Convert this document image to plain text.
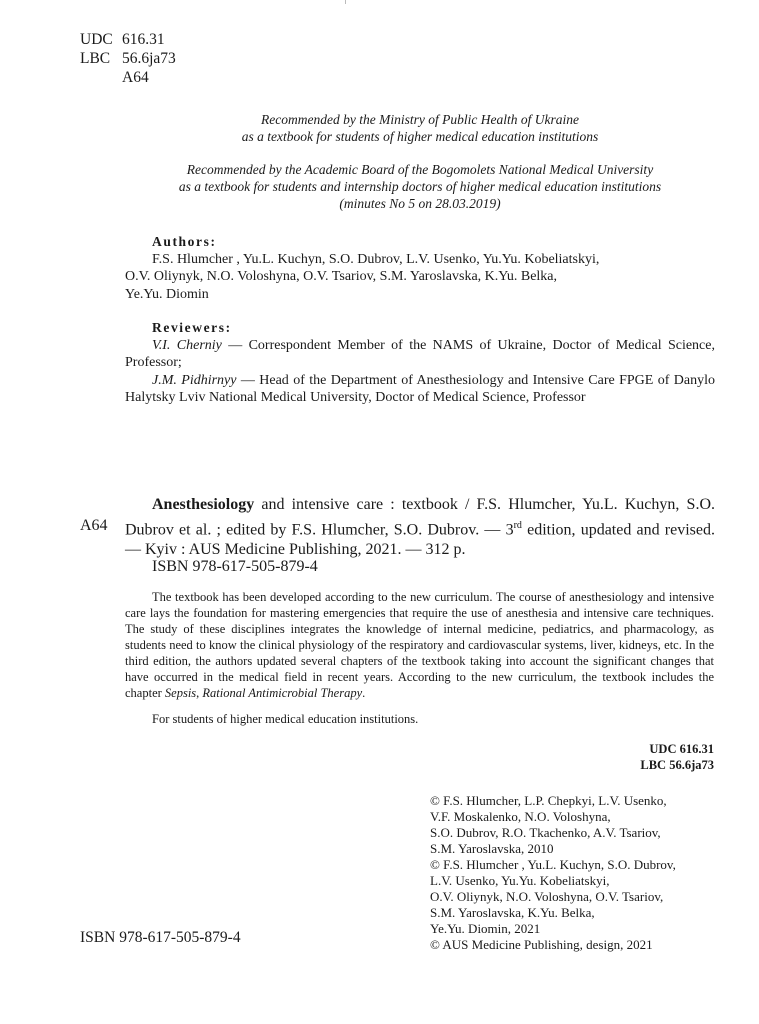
UDC 616.31
LBC 56.6ja73
A64
Recommended by the Ministry of Public Health of Ukraine
as a textbook for students of higher medical education institutions
Recommended by the Academic Board of the Bogomolets National Medical University
as a textbook for students and internship doctors of higher medical education institutions
(minutes No 5 on 28.03.2019)
Authors:
F.S. Hlumcher , Yu.L. Kuchyn, S.O. Dubrov, L.V. Usenko, Yu.Yu. Kobeliatskyi,
O.V. Oliynyk, N.O. Voloshyna, O.V. Tsariov, S.M. Yaroslavska, K.Yu. Belka,
Ye.Yu. Diomin
Reviewers:
V.I. Cherniy — Correspondent Member of the NAMS of Ukraine, Doctor of Medical Science, Professor;
J.M. Pidhirnyy — Head of the Department of Anesthesiology and Intensive Care FPGE of Danylo Halytsky Lviv National Medical University, Doctor of Medical Science, Professor
A64
Anesthesiology and intensive care : textbook / F.S. Hlumcher, Yu.L. Kuchyn, S.O. Dubrov et al. ; edited by F.S. Hlumcher, S.O. Dubrov. — 3rd edition, updated and revised. — Kyiv : AUS Medicine Publishing, 2021. — 312 p.
ISBN 978-617-505-879-4
The textbook has been developed according to the new curriculum. The course of anesthesiology and intensive care lays the foundation for mastering emergencies that require the use of anesthesia and intensive care techniques. The study of these disciplines integrates the knowledge of internal medicine, pediatrics, and pharmacology, as students need to know the clinical physiology of the respiratory and cardiovascular systems, liver, kidneys, etc. In the third edition, the authors updated several chapters of the textbook taking into account the significant changes that have occurred in the medical field in recent years. According to the new curriculum, the textbook includes the chapter Sepsis, Rational Antimicrobial Therapy.
For students of higher medical education institutions.
UDC 616.31
LBC 56.6ja73
© F.S. Hlumcher, L.P. Chepkyi, L.V. Usenko,
V.F. Moskalenko, N.O. Voloshyna,
S.O. Dubrov, R.O. Tkachenko, A.V. Tsariov,
S.M. Yaroslavska, 2010
© F.S. Hlumcher , Yu.L. Kuchyn, S.O. Dubrov,
L.V. Usenko, Yu.Yu. Kobeliatskyi,
O.V. Oliynyk, N.O. Voloshyna, O.V. Tsariov,
S.M. Yaroslavska, K.Yu. Belka,
Ye.Yu. Diomin, 2021
© AUS Medicine Publishing, design, 2021
ISBN 978-617-505-879-4
